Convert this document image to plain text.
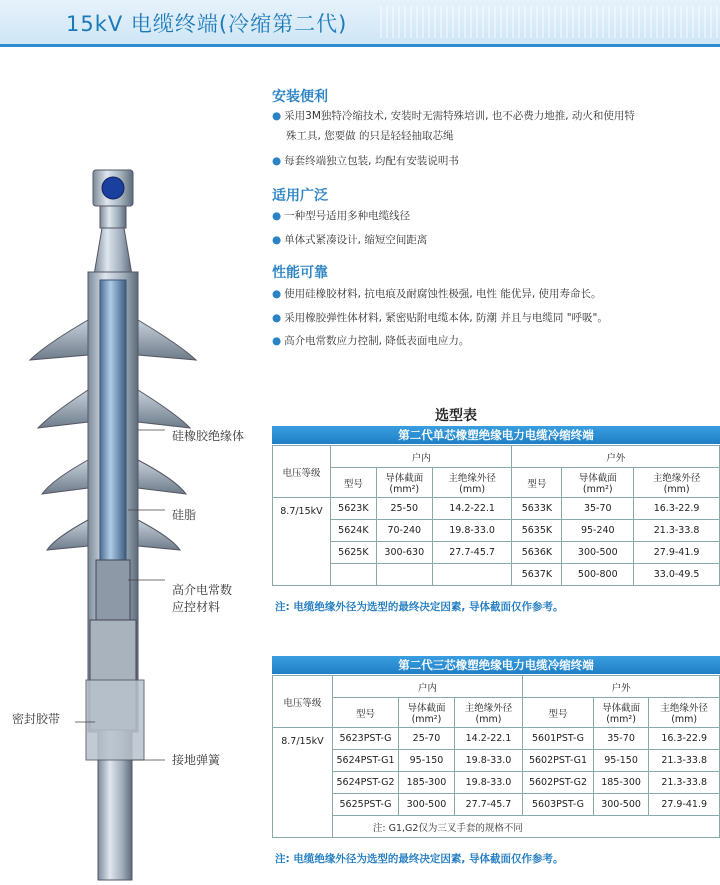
15kV 电缆终端(冷缩第二代)
安装便利
● 采用3M独特冷缩技术, 安装时无需特殊培训, 也不必费力地推, 动火和使用特
殊工具, 您要做 的只是轻轻抽取芯绳
● 每套终端独立包装, 均配有安装说明书
适用广泛
● 一种型号适用多种电缆线径
● 单体式紧凑设计, 缩短空间距离
性能可靠
● 使用硅橡胶材料, 抗电痕及耐腐蚀性极强, 电性 能优异, 使用寿命长。
● 采用橡胶弹性体材料, 紧密贴附电缆本体, 防潮 并且与电缆同 "呼吸"。
● 高介电常数应力控制, 降低表面电应力。
硅橡胶绝缘体
硅脂
高介电常数
应控材料
密封胶带
接地弹簧
选型表
第二代单芯橡塑绝缘电力电缆冷缩终端
电压等级	户内			户外		
	型号	导体截面
(mm²)	主绝缘外径
(mm)	型号	导体截面
(mm²)	主绝缘外径
(mm)
8.7/15kV	5623K	25-50	14.2-22.1	5633K	35-70	16.3-22.9
	5624K	70-240	19.8-33.0	5635K	95-240	21.3-33.8
	5625K	300-630	27.7-45.7	5636K	300-500	27.9-41.9
				5637K	500-800	33.0-49.5
注: 电缆绝缘外径为选型的最终决定因素, 导体截面仅作参考。
第二代三芯橡塑绝缘电力电缆冷缩终端
电压等级	户内			户外		
	型号	导体截面
(mm²)	主绝缘外径
(mm)	型号	导体截面
(mm²)	主绝缘外径
(mm)
8.7/15kV	5623PST-G	25-70	14.2-22.1	5601PST-G	35-70	16.3-22.9
	5624PST-G1	95-150	19.8-33.0	5602PST-G1	95-150	21.3-33.8
	5624PST-G2	185-300	19.8-33.0	5602PST-G2	185-300	21.3-33.8
	5625PST-G	300-500	27.7-45.7	5603PST-G	300-500	27.9-41.9
	注: G1,G2仅为三叉手套的规格不同					
注: 电缆绝缘外径为选型的最终决定因素, 导体截面仅作参考。
